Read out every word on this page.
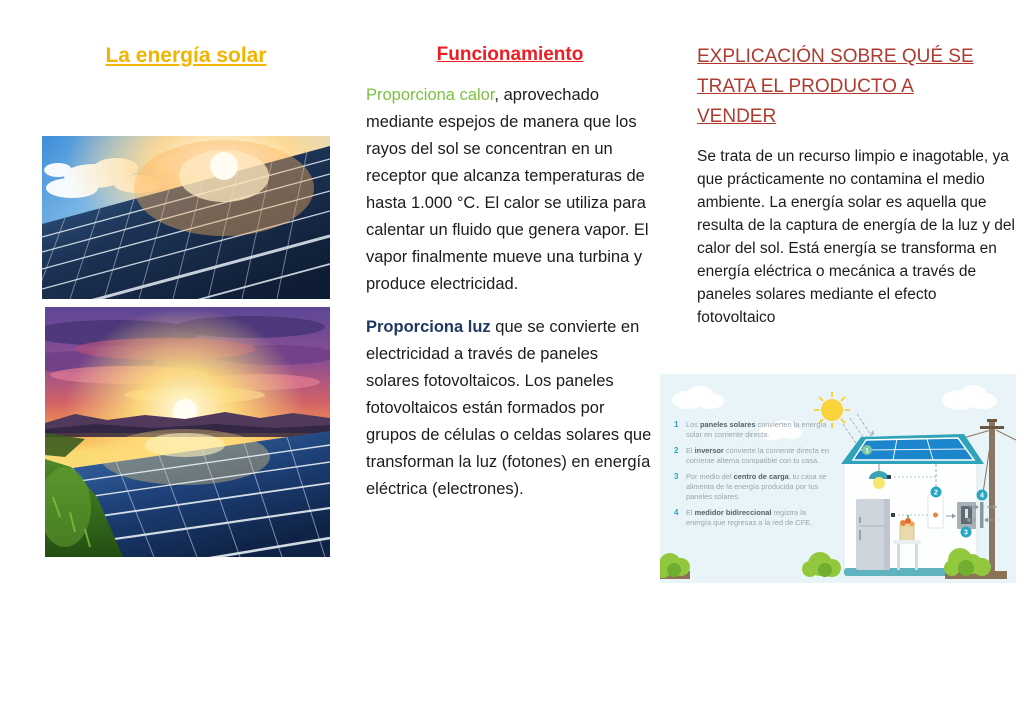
La energía solar	Funcionamiento

Proporciona calor, aprovechado mediante espejos de manera que los rayos del sol se concentran en un receptor que alcanza temperaturas de hasta 1.000 °C. El calor se utiliza para calentar un fluido que genera vapor. El vapor finalmente mueve una turbina y produce electricidad.

Proporciona luz que se convierte en electricidad a través de paneles solares fotovoltaicos. Los paneles fotovoltaicos están formados por grupos de células o celdas solares que transforman la luz (fotones) en energía eléctrica (electrones).

EXPLICACIÓN SOBRE QUÉ SE
TRATA EL PRODUCTO A
VENDER

Se trata de un recurso limpio e inagotable, ya que prácticamente no contamina el medio ambiente. La energía solar es aquella que resulta de la captura de energía de la luz y del calor del sol. Está energía se transforma en energía eléctrica o mecánica a través de paneles solares mediante el efecto fotovoltaico

1
2
3
4
1	Los paneles solares convierten la energía solar en corriente directa.
2	El inversor convierte la corriente directa en corriente alterna compatible con tu casa.
3	Por medio del centro de carga, tu casa se alimenta de la energía producida por tus paneles solares.
4	El medidor bidireccional registra la energía que regresas a la red de CFE.
